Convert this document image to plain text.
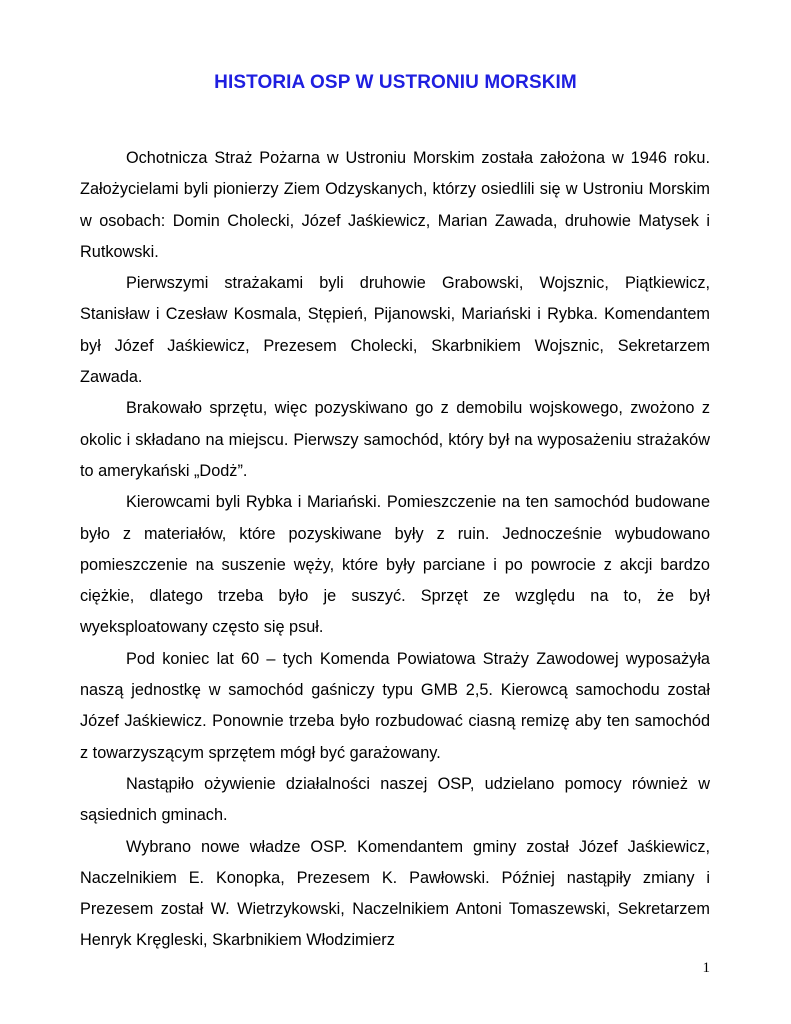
HISTORIA OSP W USTRONIU MORSKIM

Ochotnicza Straż Pożarna w Ustroniu Morskim została założona w 1946 roku. Założycielami byli pionierzy Ziem Odzyskanych, którzy osiedlili się w Ustroniu Morskim w osobach: Domin Cholecki, Józef Jaśkiewicz, Marian Zawada, druhowie Matysek i Rutkowski.

Pierwszymi strażakami byli druhowie Grabowski, Wojsznic, Piątkiewicz, Stanisław i Czesław Kosmala, Stępień, Pijanowski, Mariański i Rybka. Komendantem był Józef Jaśkiewicz, Prezesem Cholecki, Skarbnikiem Wojsznic, Sekretarzem Zawada.

Brakowało sprzętu, więc pozyskiwano go z demobilu wojskowego, zwożono z okolic i składano na miejscu. Pierwszy samochód, który był na wyposażeniu strażaków to amerykański „Dodż”.

Kierowcami byli Rybka i Mariański. Pomieszczenie na ten samochód budowane było z materiałów, które pozyskiwane były z ruin. Jednocześnie wybudowano pomieszczenie na suszenie węży, które były parciane i po powrocie z akcji bardzo ciężkie, dlatego trzeba było je suszyć. Sprzęt ze względu na to, że był wyeksploatowany często się psuł.

Pod koniec lat 60 – tych Komenda Powiatowa Straży Zawodowej wyposażyła naszą jednostkę w samochód gaśniczy typu GMB 2,5. Kierowcą samochodu został Józef Jaśkiewicz. Ponownie trzeba było rozbudować ciasną remizę aby ten samochód z towarzyszącym sprzętem mógł być garażowany.

Nastąpiło ożywienie działalności naszej OSP, udzielano pomocy również w sąsiednich gminach.

Wybrano nowe władze OSP. Komendantem gminy został Józef Jaśkiewicz, Naczelnikiem E. Konopka, Prezesem K. Pawłowski. Później nastąpiły zmiany i Prezesem został W. Wietrzykowski, Naczelnikiem Antoni Tomaszewski, Sekretarzem Henryk Kręgleski, Skarbnikiem Włodzimierz

1
